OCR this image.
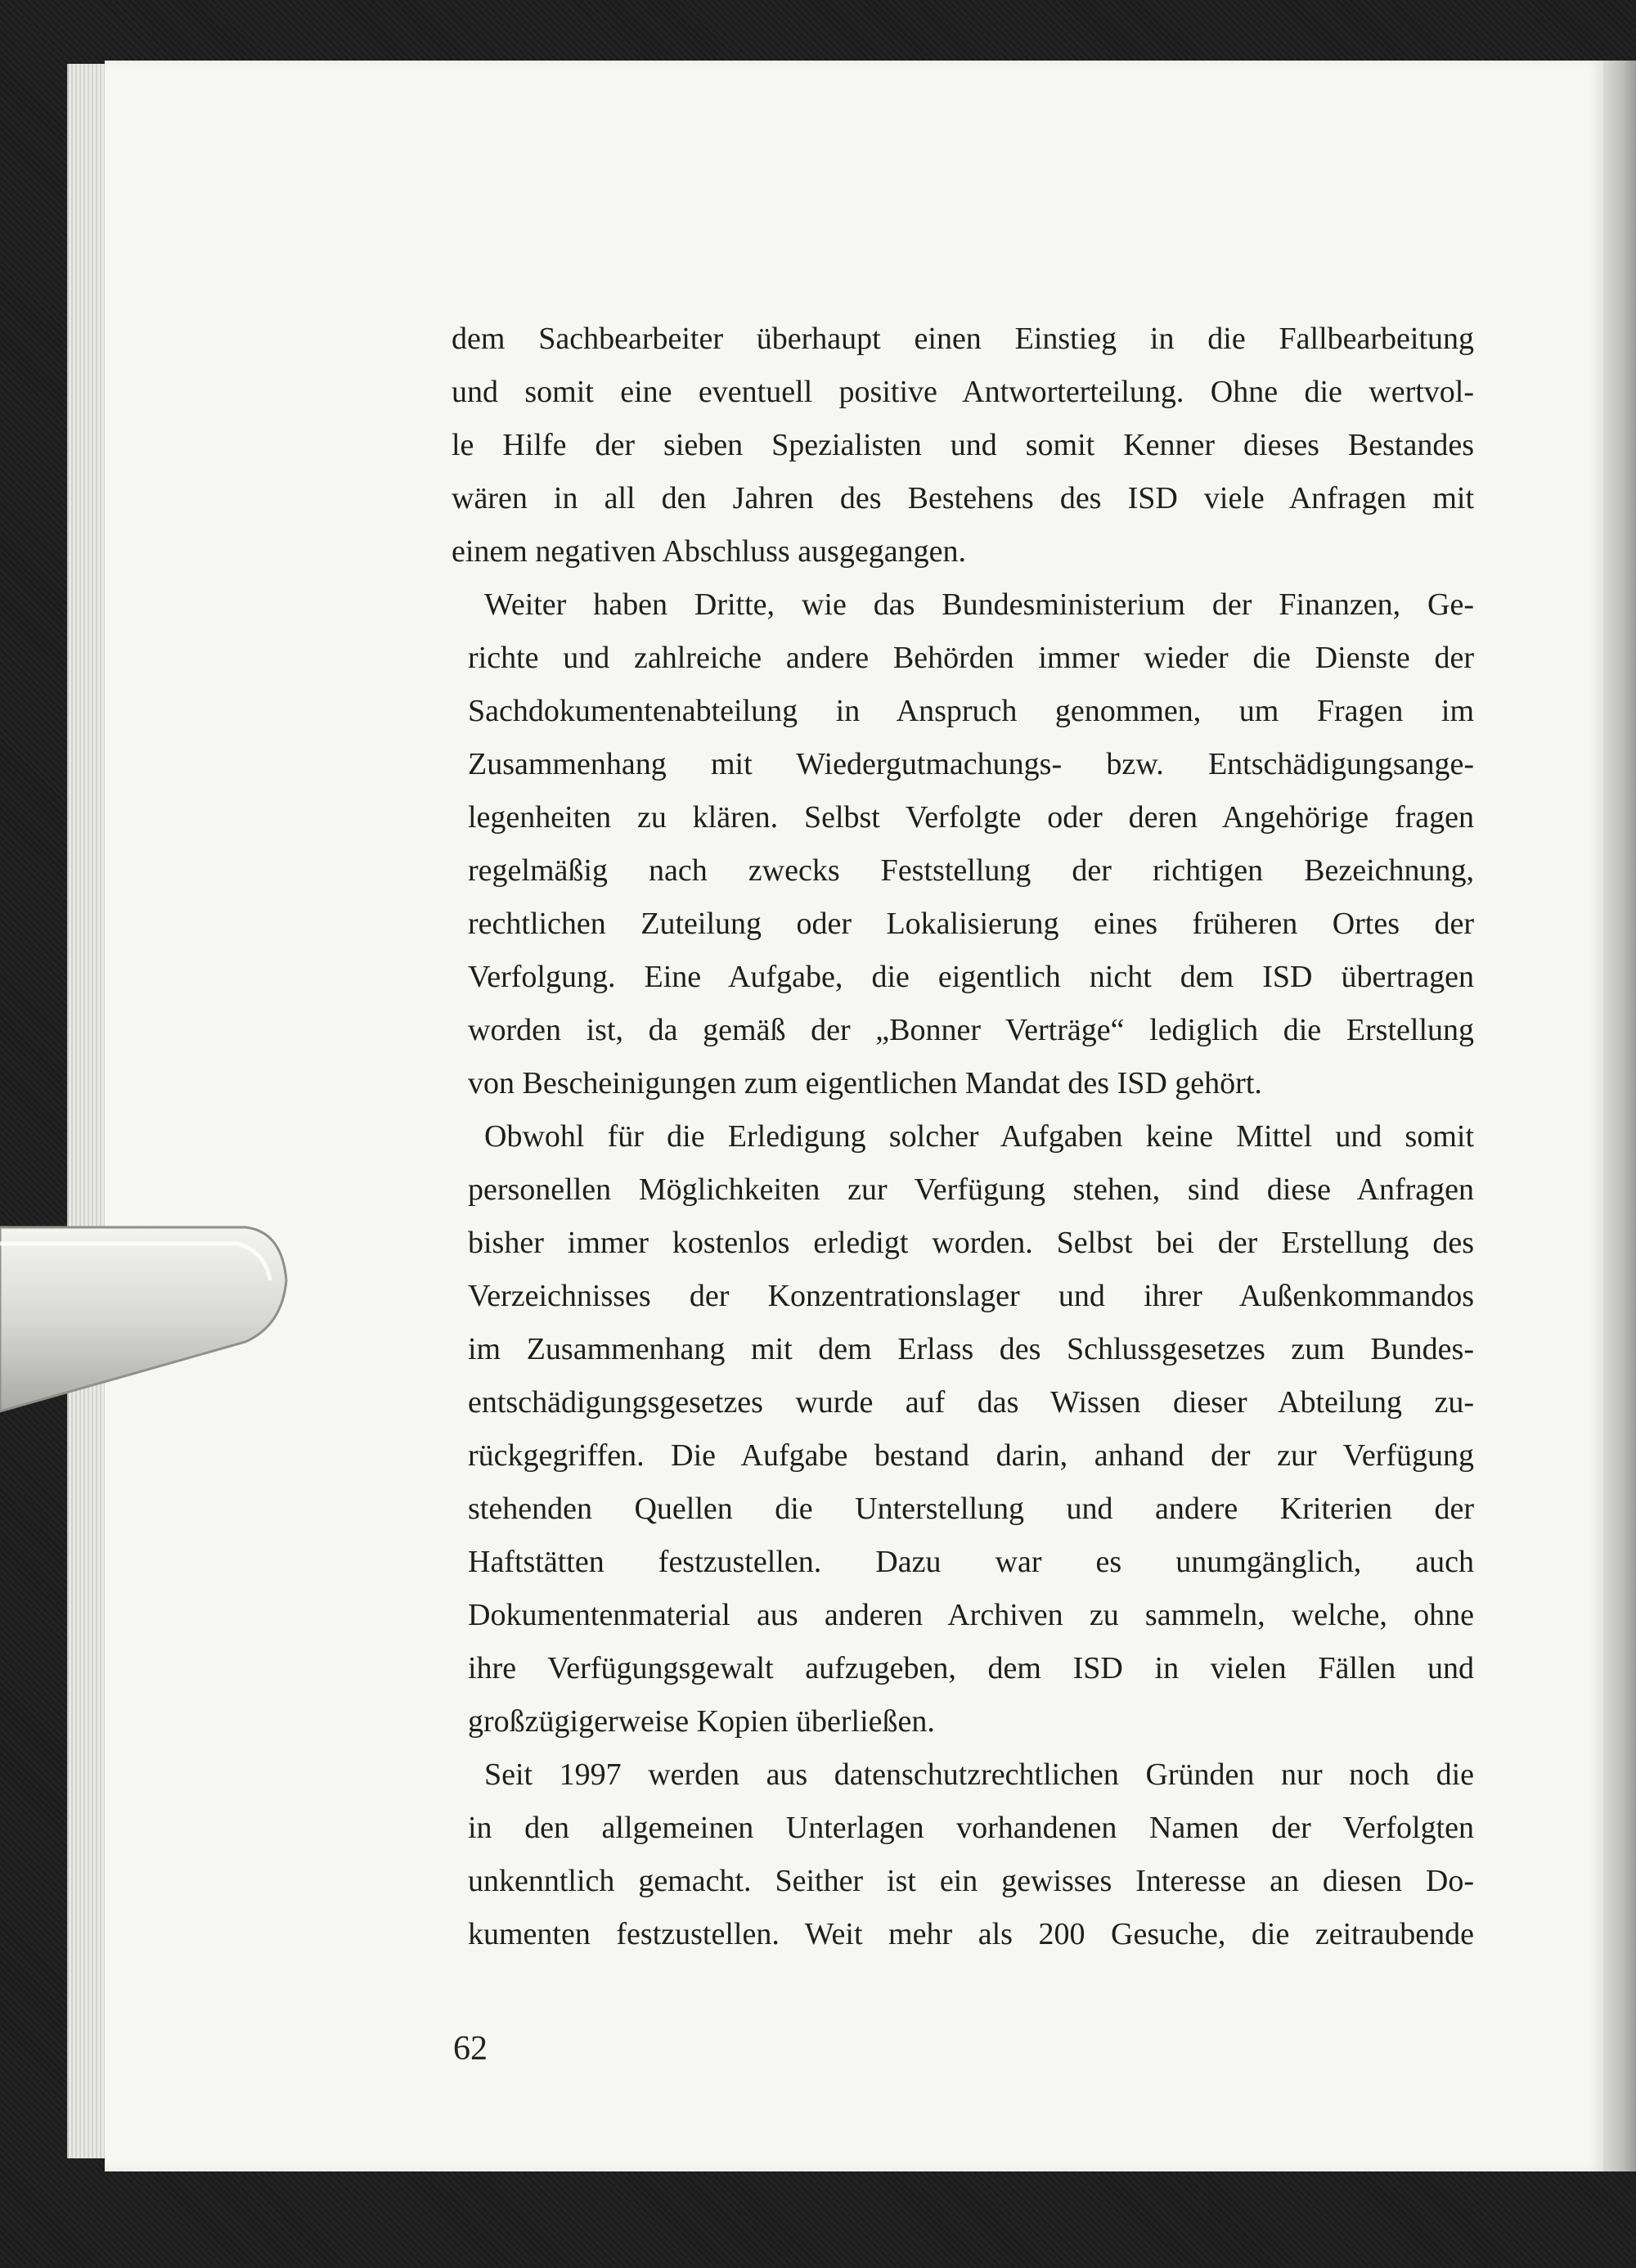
dem Sachbearbeiter überhaupt einen Einstieg in die Fallbearbeitung
und somit eine eventuell positive Antworterteilung. Ohne die wertvol-
le Hilfe der sieben Spezialisten und somit Kenner dieses Bestandes
wären in all den Jahren des Bestehens des ISD viele Anfragen mit
einem negativen Abschluss ausgegangen.
Weiter haben Dritte, wie das Bundesministerium der Finanzen, Ge-
richte und zahlreiche andere Behörden immer wieder die Dienste der
Sachdokumentenabteilung in Anspruch genommen, um Fragen im
Zusammenhang mit Wiedergutmachungs- bzw. Entschädigungsange-
legenheiten zu klären. Selbst Verfolgte oder deren Angehörige fragen
regelmäßig nach zwecks Feststellung der richtigen Bezeichnung,
rechtlichen Zuteilung oder Lokalisierung eines früheren Ortes der
Verfolgung. Eine Aufgabe, die eigentlich nicht dem ISD übertragen
worden ist, da gemäß der „Bonner Verträge“ lediglich die Erstellung
von Bescheinigungen zum eigentlichen Mandat des ISD gehört.
Obwohl für die Erledigung solcher Aufgaben keine Mittel und somit
personellen Möglichkeiten zur Verfügung stehen, sind diese Anfragen
bisher immer kostenlos erledigt worden. Selbst bei der Erstellung des
Verzeichnisses der Konzentrationslager und ihrer Außenkommandos
im Zusammenhang mit dem Erlass des Schlussgesetzes zum Bundes-
entschädigungsgesetzes wurde auf das Wissen dieser Abteilung zu-
rückgegriffen. Die Aufgabe bestand darin, anhand der zur Verfügung
stehenden Quellen die Unterstellung und andere Kriterien der
Haftstätten festzustellen. Dazu war es unumgänglich, auch
Dokumentenmaterial aus anderen Archiven zu sammeln, welche, ohne
ihre Verfügungsgewalt aufzugeben, dem ISD in vielen Fällen und
großzügigerweise Kopien überließen.
Seit 1997 werden aus datenschutzrechtlichen Gründen nur noch die
in den allgemeinen Unterlagen vorhandenen Namen der Verfolgten
unkenntlich gemacht. Seither ist ein gewisses Interesse an diesen Do-
kumenten festzustellen. Weit mehr als 200 Gesuche, die zeitraubende
62
